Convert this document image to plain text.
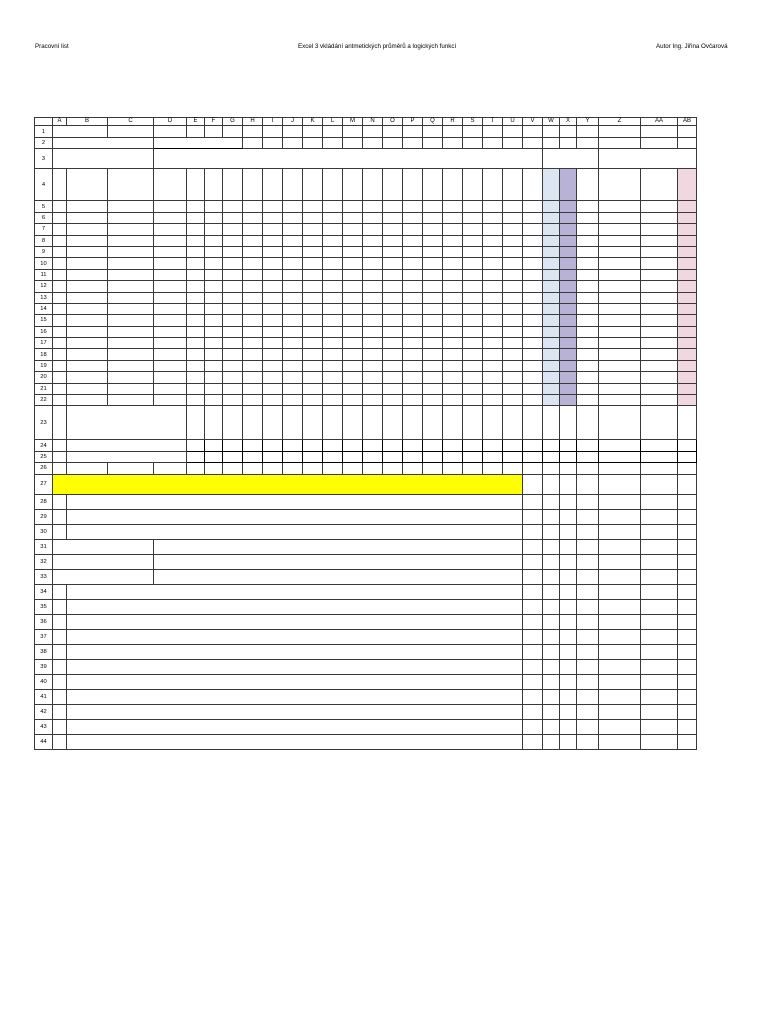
Pracovní list	Excel 3 vkládání antmetických průměrů a logických funkcí	Autor Ing. Jiřina Ovčarová
	A	B	C	D	E	F	G	H	I	J	K	L	M	N	O	P	Q	R	S	T	U	V	W	X	Y	Z	AA	AB
1																												
2																												
3																												
4	

5																												
6																												
7																												
8																												
9																												
10																												
11																												
12																												
13																												
14																												
15																												
16																												
17																												
18																												
19																												
20																												
21																												
22																												
23																												
24																												
25																												
26																												
27																												
28																												
29																												
30																												
31																												
32																												
33																												
34																												
35																												
36																												
37																												
38																												
39																												
40																												
41																												
42																												
43																												
44																												
